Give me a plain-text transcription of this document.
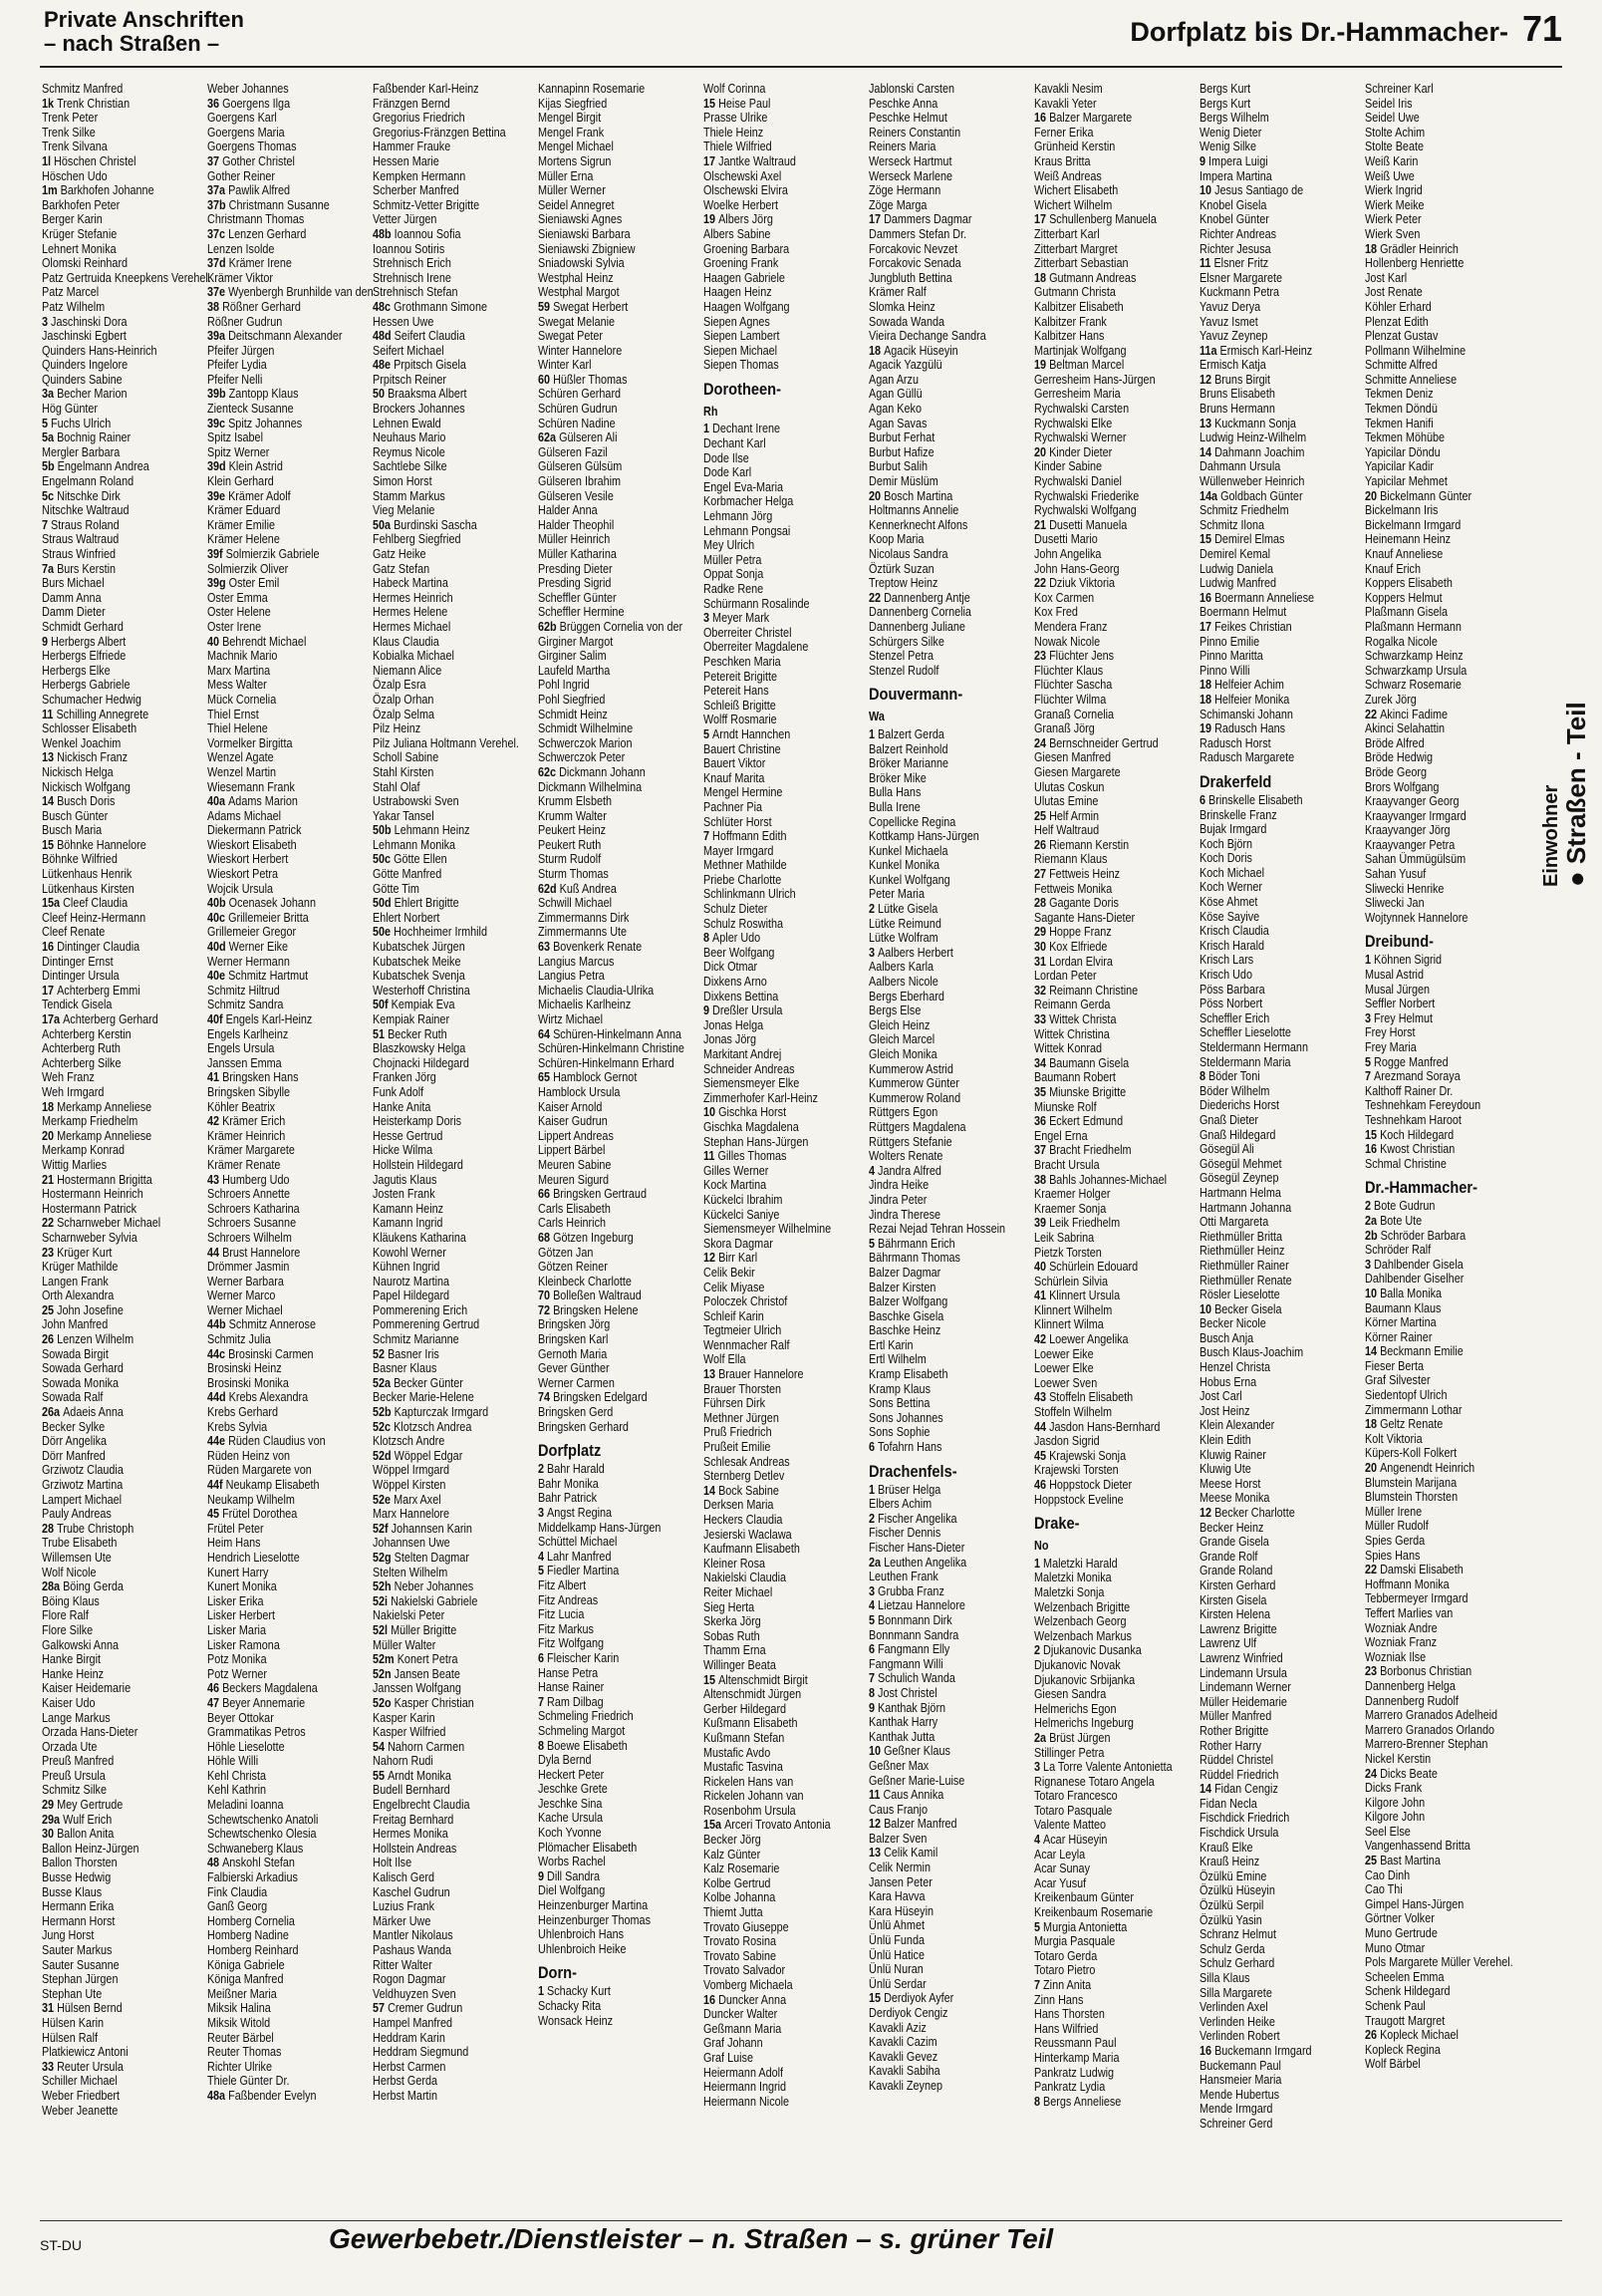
Private Anschriften
– nach Straßen –	Dorfplatz bis Dr.-Hammacher- 71
Schmitz Manfred
1k Trenk Christian
Trenk Peter
Trenk Silke
Trenk Silvana
1l Höschen Christel
Höschen Udo
1m Barkhofen Johanne
Barkhofen Peter
Berger Karin
Krüger Stefanie
Lehnert Monika
Olomski Reinhard
Patz Gertruida Kneepkens Verehel.
Patz Marcel
Patz Wilhelm
3 Jaschinski Dora
Jaschinski Egbert
Quinders Hans-Heinrich
Quinders Ingelore
Quinders Sabine
3a Becher Marion
Hög Günter
5 Fuchs Ulrich
5a Bochnig Rainer
Mergler Barbara
5b Engelmann Andrea
Engelmann Roland
5c Nitschke Dirk
Nitschke Waltraud
7 Straus Roland
Straus Waltraud
Straus Winfried
7a Burs Kerstin
Burs Michael
Damm Anna
Damm Dieter
Schmidt Gerhard
9 Herbergs Albert
Herbergs Elfriede
Herbergs Elke
Herbergs Gabriele
Schumacher Hedwig
11 Schilling Annegrete
Schlosser Elisabeth
Wenkel Joachim
13 Nickisch Franz
Nickisch Helga
Nickisch Wolfgang
14 Busch Doris
Busch Günter
Busch Maria
15 Böhnke Hannelore
Böhnke Wilfried
Lütkenhaus Henrik
Lütkenhaus Kirsten
15a Cleef Claudia
Cleef Heinz-Hermann
Cleef Renate
16 Dintinger Claudia
Dintinger Ernst
Dintinger Ursula
17 Achterberg Emmi
Tendick Gisela
17a Achterberg Gerhard
Achterberg Kerstin
Achterberg Ruth
Achterberg Silke
Weh Franz
Weh Irmgard
18 Merkamp Anneliese
Merkamp Friedhelm
20 Merkamp Anneliese
Merkamp Konrad
Wittig Marlies
21 Hostermann Brigitta
Hostermann Heinrich
Hostermann Patrick
22 Scharnweber Michael
Scharnweber Sylvia
23 Krüger Kurt
Krüger Mathilde
Langen Frank
Orth Alexandra
25 John Josefine
John Manfred
26 Lenzen Wilhelm
Sowada Birgit
Sowada Gerhard
Sowada Monika
Sowada Ralf
26a Adaeis Anna
Becker Sylke
Dörr Angelika
Dörr Manfred
Grziwotz Claudia
Grziwotz Martina
Lampert Michael
Pauly Andreas
28 Trube Christoph
Trube Elisabeth
Willemsen Ute
Wolf Nicole
28a Böing Gerda
Böing Klaus
Flore Ralf
Flore Silke
Galkowski Anna
Hanke Birgit
Hanke Heinz
Kaiser Heidemarie
Kaiser Udo
Lange Markus
Orzada Hans-Dieter
Orzada Ute
Preuß Manfred
Preuß Ursula
Schmitz Silke
29 Mey Gertrude
29a Wulf Erich
30 Ballon Anita
Ballon Heinz-Jürgen
Ballon Thorsten
Busse Hedwig
Busse Klaus
Hermann Erika
Hermann Horst
Jung Horst
Sauter Markus
Sauter Susanne
Stephan Jürgen
Stephan Ute
31 Hülsen Bernd
Hülsen Karin
Hülsen Ralf
Platkiewicz Antoni
33 Reuter Ursula
Schiller Michael
Weber Friedbert
Weber Jeanette
Weber Johannes
36 Goergens Ilga
Goergens Karl
Goergens Maria
Goergens Thomas
37 Gother Christel
Gother Reiner
37a Pawlik Alfred
37b Christmann Susanne
Christmann Thomas
37c Lenzen Gerhard
Lenzen Isolde
37d Krämer Irene
Krämer Viktor
37e Wyenbergh Brunhilde van den
38 Rößner Gerhard
Rößner Gudrun
39a Deitschmann Alexander
Pfeifer Jürgen
Pfeifer Lydia
Pfeifer Nelli
39b Zantopp Klaus
Zienteck Susanne
39c Spitz Johannes
Spitz Isabel
Spitz Werner
39d Klein Astrid
Klein Gerhard
39e Krämer Adolf
Krämer Eduard
Krämer Emilie
Krämer Helene
39f Solmierzik Gabriele
Solmierzik Oliver
39g Oster Emil
Oster Emma
Oster Helene
Oster Irene
40 Behrendt Michael
Machnik Mario
Marx Martina
Mess Walter
Mück Cornelia
Thiel Ernst
Thiel Helene
Vormelker Birgitta
Wenzel Agate
Wenzel Martin
Wiesemann Frank
40a Adams Marion
Adams Michael
Diekermann Patrick
Wieskort Elisabeth
Wieskort Herbert
Wieskort Petra
Wojcik Ursula
40b Ocenasek Johann
40c Grillemeier Britta
Grillemeier Gregor
40d Werner Eike
Werner Hermann
40e Schmitz Hartmut
Schmitz Hiltrud
Schmitz Sandra
40f Engels Karl-Heinz
Engels Karlheinz
Engels Ursula
Janssen Emma
41 Bringsken Hans
Bringsken Sibylle
Köhler Beatrix
42 Krämer Erich
Krämer Heinrich
Krämer Margarete
Krämer Renate
43 Humberg Udo
Schroers Annette
Schroers Katharina
Schroers Susanne
Schroers Wilhelm
44 Brust Hannelore
Drömmer Jasmin
Werner Barbara
Werner Marco
Werner Michael
44b Schmitz Annerose
Schmitz Julia
44c Brosinski Carmen
Brosinski Heinz
Brosinski Monika
44d Krebs Alexandra
Krebs Gerhard
Krebs Sylvia
44e Rüden Claudius von
Rüden Heinz von
Rüden Margarete von
44f Neukamp Elisabeth
Neukamp Wilhelm
45 Frütel Dorothea
Frütel Peter
Heim Hans
Hendrich Lieselotte
Kunert Harry
Kunert Monika
Lisker Erika
Lisker Herbert
Lisker Maria
Lisker Ramona
Potz Monika
Potz Werner
46 Beckers Magdalena
47 Beyer Annemarie
Beyer Ottokar
Grammatikas Petros
Höhle Lieselotte
Höhle Willi
Kehl Christa
Kehl Kathrin
Meladini Ioanna
Schewtschenko Anatoli
Schewtschenko Olesia
Schwaneberg Klaus
48 Anskohl Stefan
Falbierski Arkadius
Fink Claudia
Ganß Georg
Homberg Cornelia
Homberg Nadine
Homberg Reinhard
Königa Gabriele
Königa Manfred
Meißner Maria
Miksik Halina
Miksik Witold
Reuter Bärbel
Reuter Thomas
Richter Ulrike
Thiele Günter Dr.
48a Faßbender Evelyn
Faßbender Karl-Heinz
Fränzgen Bernd
Gregorius Friedrich
Gregorius-Fränzgen Bettina
Hammer Frauke
Hessen Marie
Kempken Hermann
Scherber Manfred
Schmitz-Vetter Brigitte
Vetter Jürgen
48b Ioannou Sofia
Ioannou Sotiris
Strehnisch Erich
Strehnisch Irene
Strehnisch Stefan
48c Grothmann Simone
Hessen Uwe
48d Seifert Claudia
Seifert Michael
48e Prpitsch Gisela
Prpitsch Reiner
50 Braaksma Albert
Brockers Johannes
Lehnen Ewald
Neuhaus Mario
Reymus Nicole
Sachtlebe Silke
Simon Horst
Stamm Markus
Vieg Melanie
50a Burdinski Sascha
Fehlberg Siegfried
Gatz Heike
Gatz Stefan
Habeck Martina
Hermes Heinrich
Hermes Helene
Hermes Michael
Klaus Claudia
Kobialka Michael
Niemann Alice
Özalp Esra
Özalp Orhan
Özalp Selma
Pilz Heinz
Pilz Juliana Holtmann Verehel.
Scholl Sabine
Stahl Kirsten
Stahl Olaf
Ustrabowski Sven
Yakar Tansel
50b Lehmann Heinz
Lehmann Monika
50c Götte Ellen
Götte Manfred
Götte Tim
50d Ehlert Brigitte
Ehlert Norbert
50e Hochheimer Irmhild
Kubatschek Jürgen
Kubatschek Meike
Kubatschek Svenja
Westerhoff Christina
50f Kempiak Eva
Kempiak Rainer
51 Becker Ruth
Blaszkowsky Helga
Chojnacki Hildegard
Franken Jörg
Funk Adolf
Hanke Anita
Heisterkamp Doris
Hesse Gertrud
Hicke Wilma
Hollstein Hildegard
Jagutis Klaus
Josten Frank
Kamann Heinz
Kamann Ingrid
Kläukens Katharina
Kowohl Werner
Kühnen Ingrid
Naurotz Martina
Papel Hildegard
Pommerening Erich
Pommerening Gertrud
Schmitz Marianne
52 Basner Iris
Basner Klaus
52a Becker Günter
Becker Marie-Helene
52b Kapturczak Irmgard
52c Klotzsch Andrea
Klotzsch Andre
52d Wöppel Edgar
Wöppel Irmgard
Wöppel Kirsten
52e Marx Axel
Marx Hannelore
52f Johannsen Karin
Johannsen Uwe
52g Stelten Dagmar
Stelten Wilhelm
52h Neber Johannes
52i Nakielski Gabriele
Nakielski Peter
52l Müller Brigitte
Müller Walter
52m Konert Petra
52n Jansen Beate
Janssen Wolfgang
52o Kasper Christian
Kasper Karin
Kasper Wilfried
54 Nahorn Carmen
Nahorn Rudi
55 Arndt Monika
Budell Bernhard
Engelbrecht Claudia
Freitag Bernhard
Hermes Monika
Hollstein Andreas
Holt Ilse
Kalisch Gerd
Kaschel Gudrun
Luzius Frank
Märker Uwe
Mantler Nikolaus
Pashaus Wanda
Ritter Walter
Rogon Dagmar
Veldhuyzen Sven
57 Cremer Gudrun
Hampel Manfred
Heddram Karin
Heddram Siegmund
Herbst Carmen
Herbst Gerda
Herbst Martin
Kannapinn Rosemarie
Kijas Siegfried
Mengel Birgit
Mengel Frank
Mengel Michael
Mortens Sigrun
Müller Erna
Müller Werner
Seidel Annegret
Sieniawski Agnes
Sieniawski Barbara
Sieniawski Zbigniew
Sniadowski Sylvia
Westphal Heinz
Westphal Margot
59 Swegat Herbert
Swegat Melanie
Swegat Peter
Winter Hannelore
Winter Karl
60 Hüßler Thomas
Schüren Gerhard
Schüren Gudrun
Schüren Nadine
62a Gülseren Ali
Gülseren Fazil
Gülseren Gülsüm
Gülseren Ibrahim
Gülseren Vesile
Halder Anna
Halder Theophil
Müller Heinrich
Müller Katharina
Presding Dieter
Presding Sigrid
Scheffler Günter
Scheffler Hermine
62b Brüggen Cornelia von der
Girginer Margot
Girginer Salim
Laufeld Martha
Pohl Ingrid
Pohl Siegfried
Schmidt Heinz
Schmidt Wilhelmine
Schwerczok Marion
Schwerczok Peter
62c Dickmann Johann
Dickmann Wilhelmina
Krumm Elsbeth
Krumm Walter
Peukert Heinz
Peukert Ruth
Sturm Rudolf
Sturm Thomas
62d Kuß Andrea
Schwill Michael
Zimmermanns Dirk
Zimmermanns Ute
63 Bovenkerk Renate
Langius Marcus
Langius Petra
Michaelis Claudia-Ulrika
Michaelis Karlheinz
Wirtz Michael
64 Schüren-Hinkelmann Anna
Schüren-Hinkelmann Christine
Schüren-Hinkelmann Erhard
65 Hamblock Gernot
Hamblock Ursula
Kaiser Arnold
Kaiser Gudrun
Lippert Andreas
Lippert Bärbel
Meuren Sabine
Meuren Sigurd
66 Bringsken Gertraud
Carls Elisabeth
Carls Heinrich
68 Götzen Ingeburg
Götzen Jan
Götzen Reiner
Kleinbeck Charlotte
70 Bolleßen Waltraud
72 Bringsken Helene
Bringsken Jörg
Bringsken Karl
Gernoth Maria
Gever Günther
Werner Carmen
74 Bringsken Edelgard
Bringsken Gerd
Bringsken Gerhard
Dorfplatz
2 Bahr Harald
Bahr Monika
Bahr Patrick
3 Angst Regina
Middelkamp Hans-Jürgen
Schüttel Michael
4 Lahr Manfred
5 Fiedler Martina
Fitz Albert
Fitz Andreas
Fitz Lucia
Fitz Markus
Fitz Wolfgang
6 Fleischer Karin
Hanse Petra
Hanse Rainer
7 Ram Dilbag
Schmeling Friedrich
Schmeling Margot
8 Boewe Elisabeth
Dyla Bernd
Heckert Peter
Jeschke Grete
Jeschke Sina
Kache Ursula
Koch Yvonne
Plömacher Elisabeth
Worbs Rachel
9 Dill Sandra
Diel Wolfgang
Heinzenburger Martina
Heinzenburger Thomas
Uhlenbroich Hans
Uhlenbroich Heike
Dorn-
1 Schacky Kurt
Schacky Rita
Wonsack Heinz
Wolf Corinna
15 Heise Paul
Prasse Ulrike
Thiele Heinz
Thiele Wilfried
17 Jantke Waltraud
Olschewski Axel
Olschewski Elvira
Woelke Herbert
19 Albers Jörg
Albers Sabine
Groening Barbara
Groening Frank
Haagen Gabriele
Haagen Heinz
Haagen Wolfgang
Siepen Agnes
Siepen Lambert
Siepen Michael
Siepen Thomas
Dorotheen-
Rh
1 Dechant Irene
Dechant Karl
Dode Ilse
Dode Karl
Engel Eva-Maria
Korbmacher Helga
Lehmann Jörg
Lehmann Pongsai
Mey Ulrich
Müller Petra
Oppat Sonja
Radke Rene
Schürmann Rosalinde
3 Meyer Mark
Oberreiter Christel
Oberreiter Magdalene
Peschken Maria
Petereit Brigitte
Petereit Hans
Schleiß Brigitte
Wolff Rosmarie
5 Arndt Hannchen
Bauert Christine
Bauert Viktor
Knauf Marita
Mengel Hermine
Pachner Pia
Schlüter Horst
7 Hoffmann Edith
Mayer Irmgard
Methner Mathilde
Priebe Charlotte
Schlinkmann Ulrich
Schulz Dieter
Schulz Roswitha
8 Apler Udo
Beer Wolfgang
Dick Otmar
Dixkens Arno
Dixkens Bettina
9 Dreßler Ursula
Jonas Helga
Jonas Jörg
Markitant Andrej
Schneider Andreas
Siemensmeyer Elke
Zimmerhofer Karl-Heinz
10 Gischka Horst
Gischka Magdalena
Stephan Hans-Jürgen
11 Gilles Thomas
Gilles Werner
Kock Martina
Kückelci Ibrahim
Kückelci Saniye
Siemensmeyer Wilhelmine
Skora Dagmar
12 Birr Karl
Celik Bekir
Celik Miyase
Poloczek Christof
Schleif Karin
Tegtmeier Ulrich
Wennmacher Ralf
Wolf Ella
13 Brauer Hannelore
Brauer Thorsten
Führsen Dirk
Methner Jürgen
Pruß Friedrich
Prußeit Emilie
Schlesak Andreas
Sternberg Detlev
14 Bock Sabine
Derksen Maria
Heckers Claudia
Jesierski Waclawa
Kaufmann Elisabeth
Kleiner Rosa
Nakielski Claudia
Reiter Michael
Sieg Herta
Skerka Jörg
Sobas Ruth
Thamm Erna
Willinger Beata
15 Altenschmidt Birgit
Altenschmidt Jürgen
Gerber Hildegard
Kußmann Elisabeth
Kußmann Stefan
Mustafic Avdo
Mustafic Tasvina
Rickelen Hans van
Rickelen Johann van
Rosenbohm Ursula
15a Arceri Trovato Antonia
Becker Jörg
Kalz Günter
Kalz Rosemarie
Kolbe Gertrud
Kolbe Johanna
Thiemt Jutta
Trovato Giuseppe
Trovato Rosina
Trovato Sabine
Trovato Salvador
Vomberg Michaela
16 Duncker Anna
Duncker Walter
Geßmann Maria
Graf Johann
Graf Luise
Heiermann Adolf
Heiermann Ingrid
Heiermann Nicole
Jablonski Carsten
Peschke Anna
Peschke Helmut
Reiners Constantin
Reiners Maria
Werseck Hartmut
Werseck Marlene
Zöge Hermann
Zöge Marga
17 Dammers Dagmar
Dammers Stefan Dr.
Forcakovic Nevzet
Forcakovic Senada
Jungbluth Bettina
Krämer Ralf
Slomka Heinz
Sowada Wanda
Vieira Dechange Sandra
18 Agacik Hüseyin
Agacik Yazgülü
Agan Arzu
Agan Güllü
Agan Keko
Agan Savas
Burbut Ferhat
Burbut Hafize
Burbut Salih
Demir Müslüm
20 Bosch Martina
Holtmanns Annelie
Kennerknecht Alfons
Koop Maria
Nicolaus Sandra
Öztürk Suzan
Treptow Heinz
22 Dannenberg Antje
Dannenberg Cornelia
Dannenberg Juliane
Schürgers Silke
Stenzel Petra
Stenzel Rudolf
Douvermann-
Wa
1 Balzert Gerda
Balzert Reinhold
Bröker Marianne
Bröker Mike
Bulla Hans
Bulla Irene
Copellicke Regina
Kottkamp Hans-Jürgen
Kunkel Michaela
Kunkel Monika
Kunkel Wolfgang
Peter Maria
2 Lütke Gisela
Lütke Reimund
Lütke Wolfram
3 Aalbers Herbert
Aalbers Karla
Aalbers Nicole
Bergs Eberhard
Bergs Else
Gleich Heinz
Gleich Marcel
Gleich Monika
Kummerow Astrid
Kummerow Günter
Kummerow Roland
Rüttgers Egon
Rüttgers Magdalena
Rüttgers Stefanie
Wolters Renate
4 Jandra Alfred
Jindra Heike
Jindra Peter
Jindra Therese
Rezai Nejad Tehran Hossein
5 Bährmann Erich
Bährmann Thomas
Balzer Dagmar
Balzer Kirsten
Balzer Wolfgang
Baschke Gisela
Baschke Heinz
Ertl Karin
Ertl Wilhelm
Kramp Elisabeth
Kramp Klaus
Sons Bettina
Sons Johannes
Sons Sophie
6 Tofahrn Hans
Drachenfels-
1 Brüser Helga
Elbers Achim
2 Fischer Angelika
Fischer Dennis
Fischer Hans-Dieter
2a Leuthen Angelika
Leuthen Frank
3 Grubba Franz
4 Lietzau Hannelore
5 Bonnmann Dirk
Bonnmann Sandra
6 Fangmann Elly
Fangmann Willi
7 Schulich Wanda
8 Jost Christel
9 Kanthak Björn
Kanthak Harry
Kanthak Jutta
10 Geßner Klaus
Geßner Max
Geßner Marie-Luise
11 Caus Annika
Caus Franjo
12 Balzer Manfred
Balzer Sven
13 Celik Kamil
Celik Nermin
Jansen Peter
Kara Havva
Kara Hüseyin
Ünlü Ahmet
Ünlü Funda
Ünlü Hatice
Ünlü Nuran
Ünlü Serdar
15 Derdiyok Ayfer
Derdiyok Cengiz
Kavakli Aziz
Kavakli Cazim
Kavakli Gevez
Kavakli Sabiha
Kavakli Zeynep
Kavakli Nesim
Kavakli Yeter
16 Balzer Margarete
Ferner Erika
Grünheid Kerstin
Kraus Britta
Weiß Andreas
Wichert Elisabeth
Wichert Wilhelm
17 Schullenberg Manuela
Zitterbart Karl
Zitterbart Margret
Zitterbart Sebastian
18 Gutmann Andreas
Gutmann Christa
Kalbitzer Elisabeth
Kalbitzer Frank
Kalbitzer Hans
Martinjak Wolfgang
19 Beltman Marcel
Gerresheim Hans-Jürgen
Gerresheim Maria
Rychwalski Carsten
Rychwalski Elke
Rychwalski Werner
20 Kinder Dieter
Kinder Sabine
Rychwalski Daniel
Rychwalski Friederike
Rychwalski Wolfgang
21 Dusetti Manuela
Dusetti Mario
John Angelika
John Hans-Georg
22 Dziuk Viktoria
Kox Carmen
Kox Fred
Mendera Franz
Nowak Nicole
23 Flüchter Jens
Flüchter Klaus
Flüchter Sascha
Flüchter Wilma
Granaß Cornelia
Granaß Jörg
24 Bernschneider Gertrud
Giesen Manfred
Giesen Margarete
Ulutas Coskun
Ulutas Emine
25 Helf Armin
Helf Waltraud
26 Riemann Kerstin
Riemann Klaus
27 Fettweis Heinz
Fettweis Monika
28 Gagante Doris
Sagante Hans-Dieter
29 Hoppe Franz
30 Kox Elfriede
31 Lordan Elvira
Lordan Peter
32 Reimann Christine
Reimann Gerda
33 Wittek Christa
Wittek Christina
Wittek Konrad
34 Baumann Gisela
Baumann Robert
35 Miunske Brigitte
Miunske Rolf
36 Eckert Edmund
Engel Erna
37 Bracht Friedhelm
Bracht Ursula
38 Bahls Johannes-Michael
Kraemer Holger
Kraemer Sonja
39 Leik Friedhelm
Leik Sabrina
Pietzk Torsten
40 Schürlein Edouard
Schürlein Silvia
41 Klinnert Ursula
Klinnert Wilhelm
Klinnert Wilma
42 Loewer Angelika
Loewer Eike
Loewer Elke
Loewer Sven
43 Stoffeln Elisabeth
Stoffeln Wilhelm
44 Jasdon Hans-Bernhard
Jasdon Sigrid
45 Krajewski Sonja
Krajewski Torsten
46 Hoppstock Dieter
Hoppstock Eveline
Drake-
No
1 Maletzki Harald
Maletzki Monika
Maletzki Sonja
Welzenbach Brigitte
Welzenbach Georg
Welzenbach Markus
2 Djukanovic Dusanka
Djukanovic Novak
Djukanovic Srbijanka
Giesen Sandra
Helmerichs Egon
Helmerichs Ingeburg
2a Brüst Jürgen
Stillinger Petra
3 La Torre Valente Antonietta
Rignanese Totaro Angela
Totaro Francesco
Totaro Pasquale
Valente Matteo
4 Acar Hüseyin
Acar Leyla
Acar Sunay
Acar Yusuf
Kreikenbaum Günter
Kreikenbaum Rosemarie
5 Murgia Antonietta
Murgia Pasquale
Totaro Gerda
Totaro Pietro
7 Zinn Anita
Zinn Hans
Hans Thorsten
Hans Wilfried
Reussmann Paul
Hinterkamp Maria
Pankratz Ludwig
Pankratz Lydia
8 Bergs Anneliese
Bergs Kurt
Bergs Kurt
Bergs Wilhelm
Wenig Dieter
Wenig Silke
9 Impera Luigi
Impera Martina
10 Jesus Santiago de
Knobel Gisela
Knobel Günter
Richter Andreas
Richter Jesusa
11 Elsner Fritz
Elsner Margarete
Kuckmann Petra
Yavuz Derya
Yavuz Ismet
Yavuz Zeynep
11a Ermisch Karl-Heinz
Ermisch Katja
12 Bruns Birgit
Bruns Elisabeth
Bruns Hermann
13 Kuckmann Sonja
Ludwig Heinz-Wilhelm
14 Dahmann Joachim
Dahmann Ursula
Wüllenweber Heinrich
14a Goldbach Günter
Schmitz Friedhelm
Schmitz Ilona
15 Demirel Elmas
Demirel Kemal
Ludwig Daniela
Ludwig Manfred
16 Boermann Anneliese
Boermann Helmut
17 Feikes Christian
Pinno Emilie
Pinno Maritta
Pinno Willi
18 Helfeier Achim
18 Helfeier Monika
Schimanski Johann
19 Radusch Hans
Radusch Horst
Radusch Margarete
Drakerfeld
6 Brinskelle Elisabeth
Brinskelle Franz
Bujak Irmgard
Koch Björn
Koch Doris
Koch Michael
Koch Werner
Köse Ahmet
Köse Sayive
Krisch Claudia
Krisch Harald
Krisch Lars
Krisch Udo
Pöss Barbara
Pöss Norbert
Scheffler Erich
Scheffler Lieselotte
Steldermann Hermann
Steldermann Maria
8 Böder Toni
Böder Wilhelm
Diederichs Horst
Gnaß Dieter
Gnaß Hildegard
Gösegül Ali
Gösegül Mehmet
Gösegül Zeynep
Hartmann Helma
Hartmann Johanna
Otti Margareta
Riethmüller Britta
Riethmüller Heinz
Riethmüller Rainer
Riethmüller Renate
Rösler Lieselotte
10 Becker Gisela
Becker Nicole
Busch Anja
Busch Klaus-Joachim
Henzel Christa
Hobus Erna
Jost Carl
Jost Heinz
Klein Alexander
Klein Edith
Kluwig Rainer
Kluwig Ute
Meese Horst
Meese Monika
12 Becker Charlotte
Becker Heinz
Grande Gisela
Grande Rolf
Grande Roland
Kirsten Gerhard
Kirsten Gisela
Kirsten Helena
Lawrenz Brigitte
Lawrenz Ulf
Lawrenz Winfried
Lindemann Ursula
Lindemann Werner
Müller Heidemarie
Müller Manfred
Rother Brigitte
Rother Harry
Rüddel Christel
Rüddel Friedrich
14 Fidan Cengiz
Fidan Necla
Fischdick Friedrich
Fischdick Ursula
Krauß Elke
Krauß Heinz
Özülkü Emine
Özülkü Hüseyin
Özülkü Serpil
Özülkü Yasin
Schranz Helmut
Schulz Gerda
Schulz Gerhard
Silla Klaus
Silla Margarete
Verlinden Axel
Verlinden Heike
Verlinden Robert
16 Buckemann Irmgard
Buckemann Paul
Hansmeier Maria
Mende Hubertus
Mende Irmgard
Schreiner Gerd
Schreiner Karl
Seidel Iris
Seidel Uwe
Stolte Achim
Stolte Beate
Weiß Karin
Weiß Uwe
Wierk Ingrid
Wierk Meike
Wierk Peter
Wierk Sven
18 Grädler Heinrich
Hollenberg Henriette
Jost Karl
Jost Renate
Köhler Erhard
Plenzat Edith
Plenzat Gustav
Pollmann Wilhelmine
Schmitte Alfred
Schmitte Anneliese
Tekmen Deniz
Tekmen Döndü
Tekmen Hanifi
Tekmen Möhübe
Yapicilar Döndu
Yapicilar Kadir
Yapicilar Mehmet
20 Bickelmann Günter
Bickelmann Iris
Bickelmann Irmgard
Heinemann Heinz
Knauf Anneliese
Knauf Erich
Koppers Elisabeth
Koppers Helmut
Plaßmann Gisela
Plaßmann Hermann
Rogalka Nicole
Schwarzkamp Heinz
Schwarzkamp Ursula
Schwarz Rosemarie
Zurek Jörg
22 Akinci Fadime
Akinci Selahattin
Bröde Alfred
Bröde Hedwig
Bröde Georg
Brors Wolfgang
Kraayvanger Georg
Kraayvanger Irmgard
Kraayvanger Jörg
Kraayvanger Petra
Sahan Ümmügülsüm
Sahan Yusuf
Sliwecki Henrike
Sliwecki Jan
Wojtynnek Hannelore
Dreibund-
1 Köhnen Sigrid
Musal Astrid
Musal Jürgen
Seffler Norbert
3 Frey Helmut
Frey Horst
Frey Maria
5 Rogge Manfred
7 Arezmand Soraya
Kalthoff Rainer Dr.
Teshnehkam Fereydoun
Teshnehkam Haroot
15 Koch Hildegard
16 Kwost Christian
Schmal Christine
Dr.-Hammacher-
2 Bote Gudrun
2a Bote Ute
2b Schröder Barbara
Schröder Ralf
3 Dahlbender Gisela
Dahlbender Giselher
10 Balla Monika
Baumann Klaus
Körner Martina
Körner Rainer
14 Beckmann Emilie
Fieser Berta
Graf Silvester
Siedentopf Ulrich
Zimmermann Lothar
18 Geltz Renate
Kolt Viktoria
Küpers-Koll Folkert
20 Angenendt Heinrich
Blumstein Marijana
Blumstein Thorsten
Müller Irene
Müller Rudolf
Spies Gerda
Spies Hans
22 Damski Elisabeth
Hoffmann Monika
Tebbermeyer Irmgard
Teffert Marlies van
Wozniak Andre
Wozniak Franz
Wozniak Ilse
23 Borbonus Christian
Dannenberg Helga
Dannenberg Rudolf
Marrero Granados Adelheid
Marrero Granados Orlando
Marrero-Brenner Stephan
Nickel Kerstin
24 Dicks Beate
Dicks Frank
Kilgore John
Kilgore John
Seel Else
Vangenhassend Britta
25 Bast Martina
Cao Dinh
Cao Thi
Gimpel Hans-Jürgen
Görtner Volker
Muno Gertrude
Muno Otmar
Pols Margarete Müller Verehel.
Scheelen Emma
Schenk Hildegard
Schenk Paul
Traugott Margret
26 Kopleck Michael
Kopleck Regina
Wolf Bärbel
Einwohner ● Straßen - Teil
ST-DU	Gewerbebetr./Dienstleister – n. Straßen – s. grüner Teil
